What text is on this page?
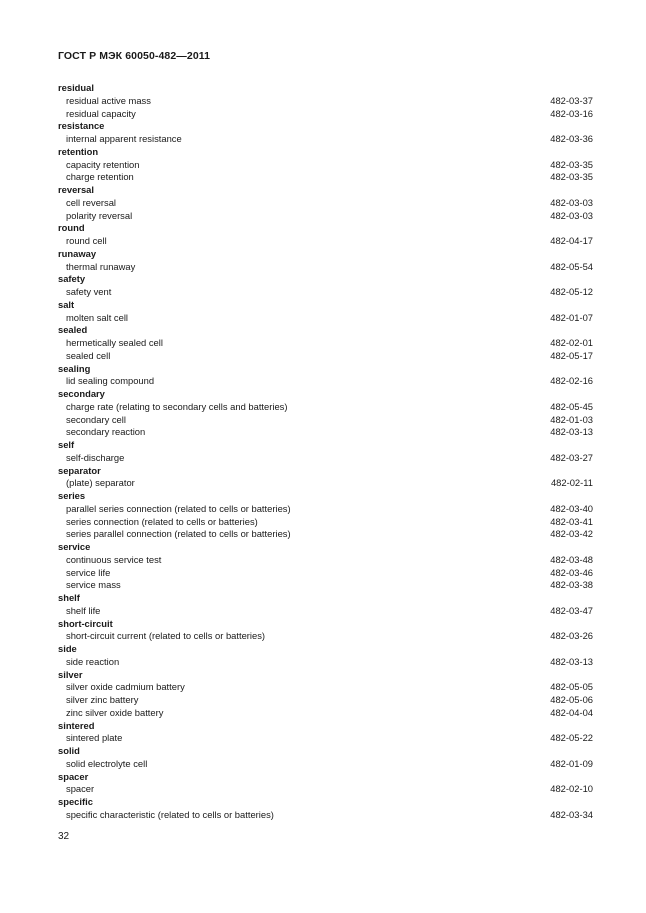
ГОСТ Р МЭК 60050-482—2011
residual
residual active mass	482-03-37
residual capacity	482-03-16
resistance
internal apparent resistance	482-03-36
retention
capacity retention	482-03-35
charge retention	482-03-35
reversal
cell reversal	482-03-03
polarity reversal	482-03-03
round
round cell	482-04-17
runaway
thermal runaway	482-05-54
safety
safety vent	482-05-12
salt
molten salt cell	482-01-07
sealed
hermetically sealed cell	482-02-01
sealed cell	482-05-17
sealing
lid sealing compound	482-02-16
secondary
charge rate (relating to secondary cells and batteries)	482-05-45
secondary cell	482-01-03
secondary reaction	482-03-13
self
self-discharge	482-03-27
separator
(plate) separator	482-02-11
series
parallel series connection (related to cells or batteries)	482-03-40
series connection (related to cells or batteries)	482-03-41
series parallel connection (related to cells or batteries)	482-03-42
service
continuous service test	482-03-48
service life	482-03-46
service mass	482-03-38
shelf
shelf life	482-03-47
short-circuit
short-circuit current (related to cells or batteries)	482-03-26
side
side reaction	482-03-13
silver
silver oxide cadmium battery	482-05-05
silver zinc battery	482-05-06
zinc silver oxide battery	482-04-04
sintered
sintered plate	482-05-22
solid
solid electrolyte cell	482-01-09
spacer
spacer	482-02-10
specific
specific characteristic (related to cells or batteries)	482-03-34
32
